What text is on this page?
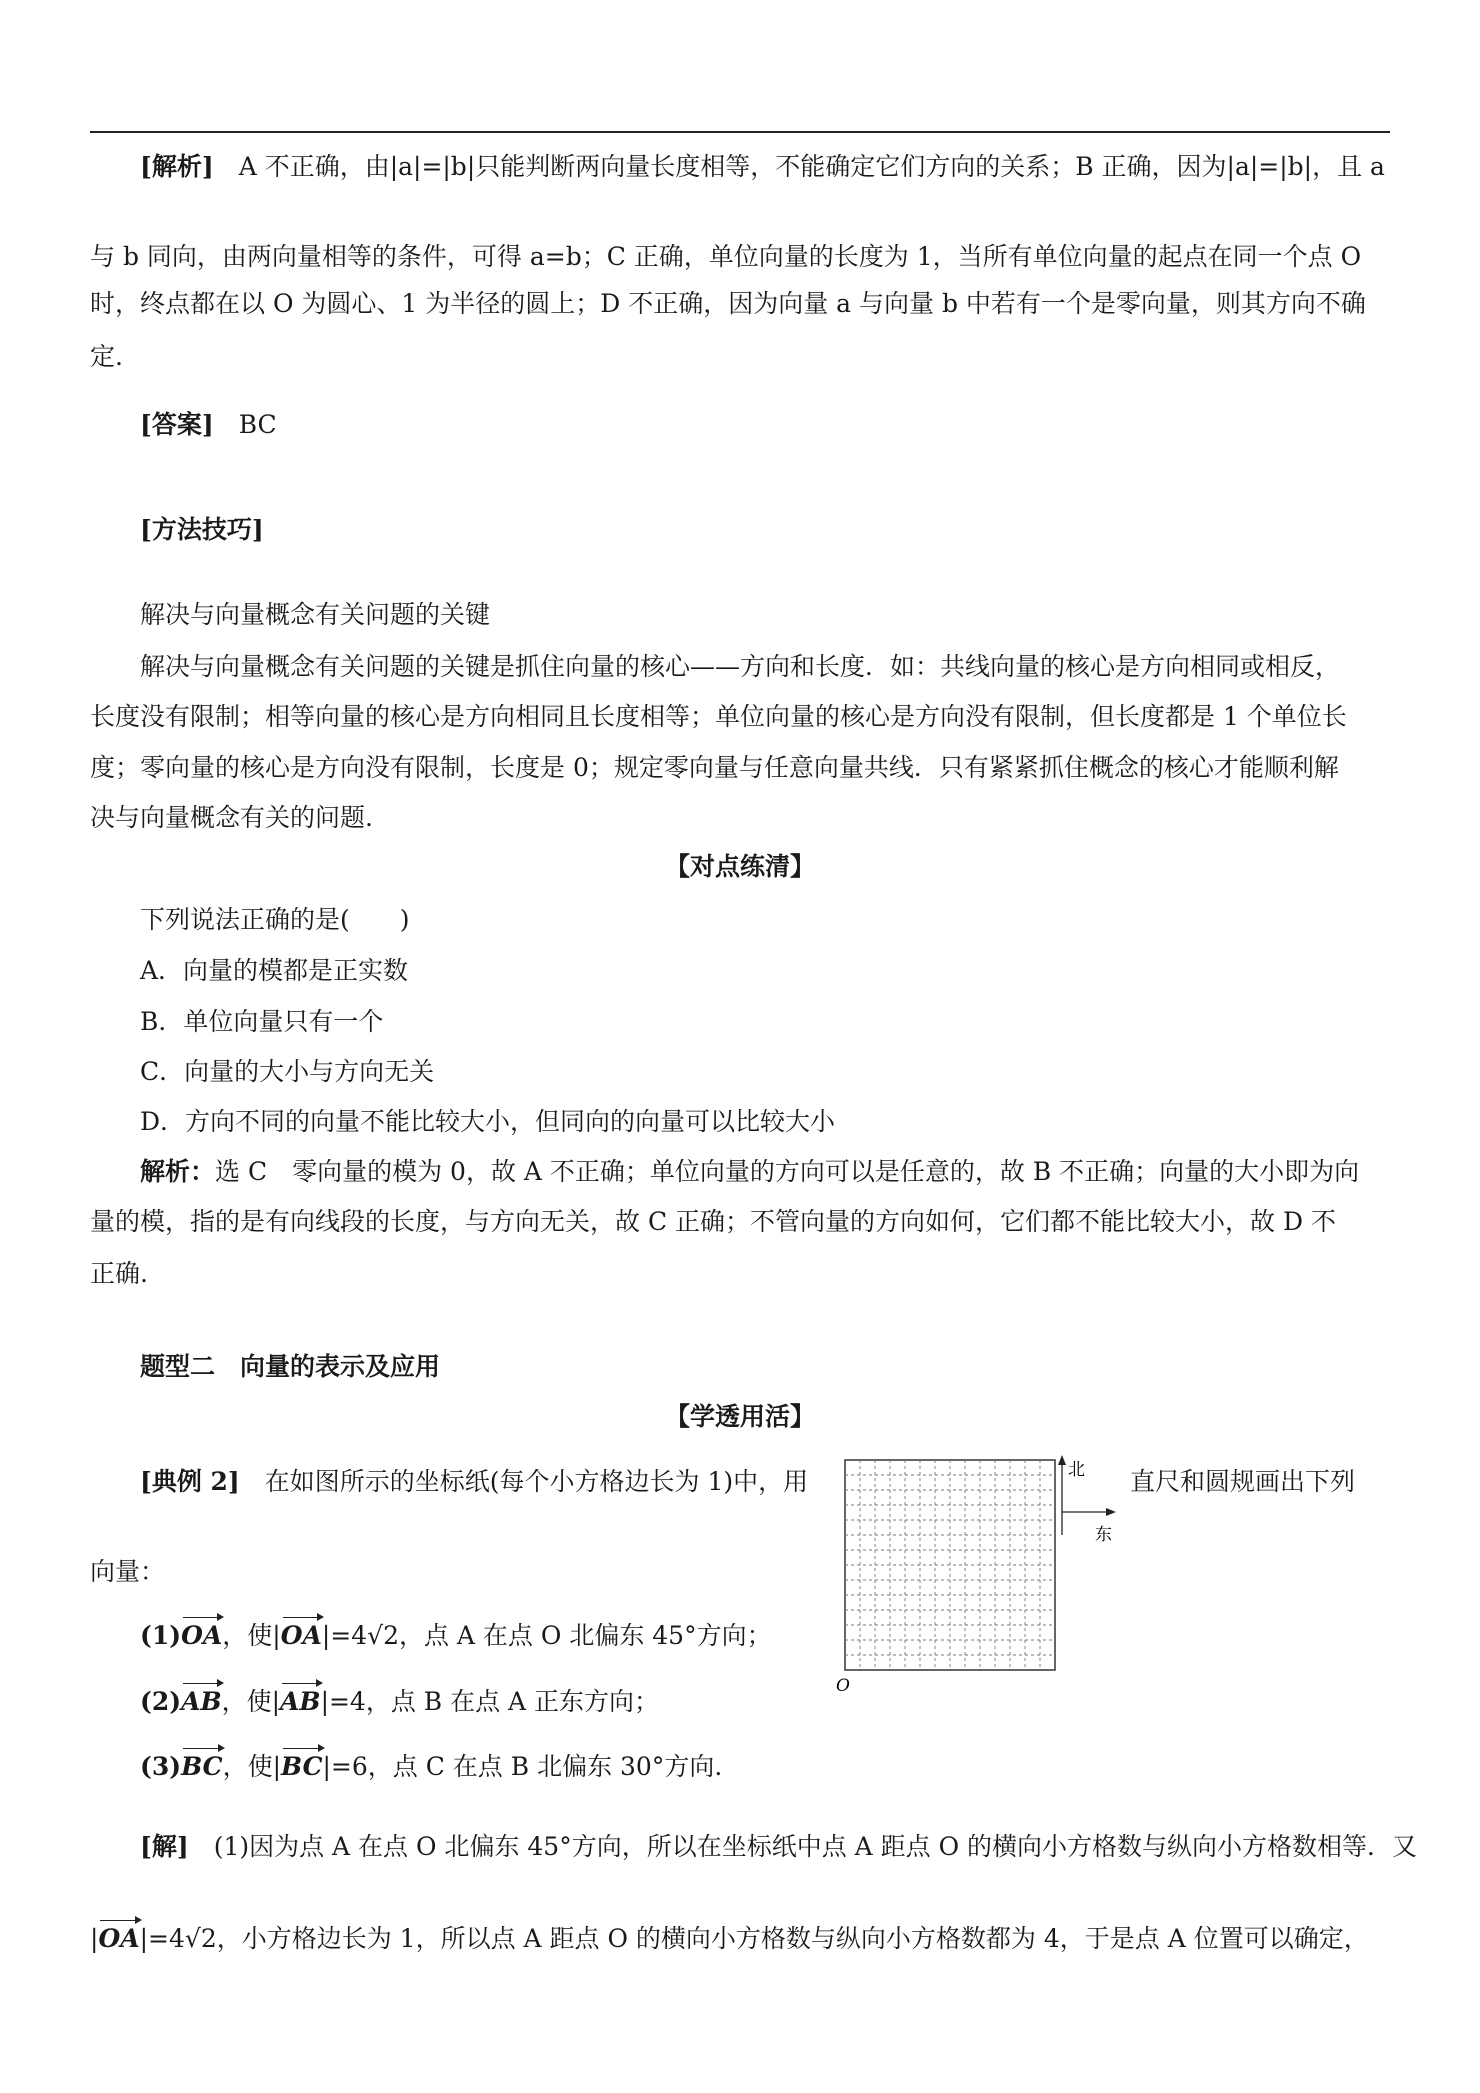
[解析]　 A 不正确，由|a|=|b|只能判断两向量长度相等，不能确定它们方向的关系；B 正确，因为|a|=|b|，且 a
与 b 同向，由两向量相等的条件，可得 a=b；C 正确，单位向量的长度为 1，当所有单位向量的起点在同一个点 O
时，终点都在以 O 为圆心、1 为半径的圆上；D 不正确，因为向量 a 与向量 b 中若有一个是零向量，则其方向不确
定.
[答案]　 BC
[方法技巧]
解决与向量概念有关问题的关键
解决与向量概念有关问题的关键是抓住向量的核心——方向和长度．如：共线向量的核心是方向相同或相反，
长度没有限制；相等向量的核心是方向相同且长度相等；单位向量的核心是方向没有限制，但长度都是 1 个单位长
度；零向量的核心是方向没有限制，长度是 0；规定零向量与任意向量共线．只有紧紧抓住概念的核心才能顺利解
决与向量概念有关的问题.
【对点练清】
下列说法正确的是(　　)
A．向量的模都是正实数
B．单位向量只有一个
C．向量的大小与方向无关
D．方向不同的向量不能比较大小，但同向的向量可以比较大小
解析：选 C　零向量的模为 0，故 A 不正确；单位向量的方向可以是任意的，故 B 不正确；向量的大小即为向
量的模，指的是有向线段的长度，与方向无关，故 C 正确；不管向量的方向如何，它们都不能比较大小，故 D 不
正确.
题型二　向量的表示及应用
【学透用活】
[典例 2]　 在如图所示的坐标纸(每个小方格边长为 1)中，用	直尺和圆规画出下列
向量：
(1)OA，使|OA|=4√2，点 A 在点 O 北偏东 45°方向；
(2)AB，使|AB|=4，点 B 在点 A 正东方向；
(3)BC，使|BC|=6，点 C 在点 B 北偏东 30°方向.
北
东
O
[解]　 (1)因为点 A 在点 O 北偏东 45°方向，所以在坐标纸中点 A 距点 O 的横向小方格数与纵向小方格数相等．又
|OA|=4√2，小方格边长为 1，所以点 A 距点 O 的横向小方格数与纵向小方格数都为 4，于是点 A 位置可以确定，
